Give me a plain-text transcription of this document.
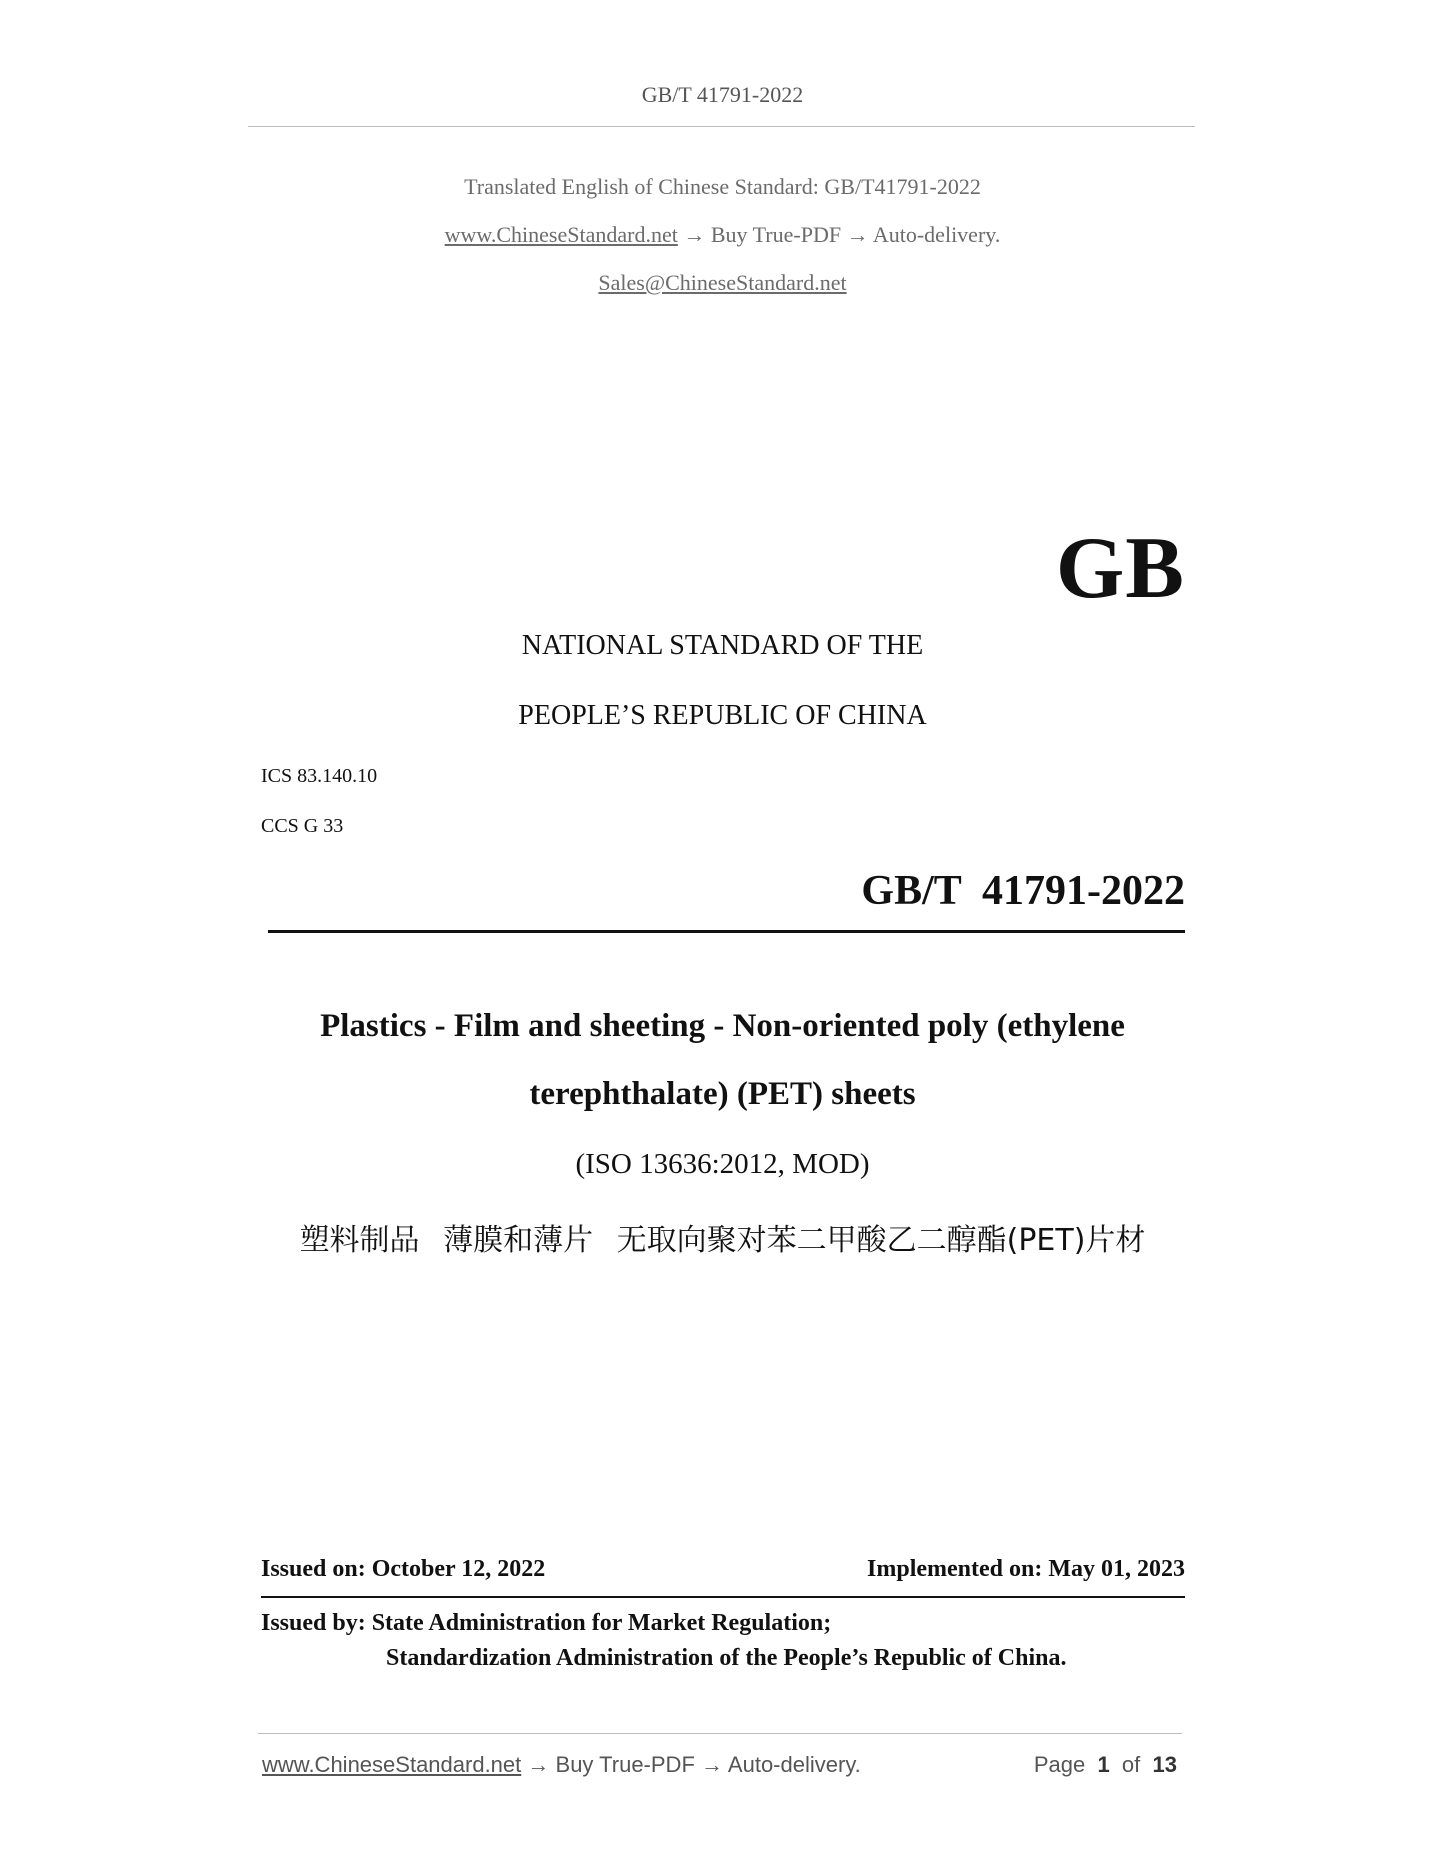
GB/T 41791-2022
Translated English of Chinese Standard: GB/T41791-2022
www.ChineseStandard.net → Buy True-PDF → Auto-delivery.
Sales@ChineseStandard.net
GB
NATIONAL STANDARD OF THE
PEOPLE’S REPUBLIC OF CHINA
ICS 83.140.10
CCS G 33
GB/T  41791-2022
Plastics - Film and sheeting - Non-oriented poly (ethylene
terephthalate) (PET) sheets
(ISO 13636:2012, MOD)
塑料制品 薄膜和薄片 无取向聚对苯二甲酸乙二醇酯(PET)片材
Issued on: October 12, 2022	Implemented on: May 01, 2023
Issued by: State Administration for Market Regulation;
Standardization Administration of the People’s Republic of China.
www.ChineseStandard.net → Buy True-PDF → Auto-delivery.	Page 1 of 13
